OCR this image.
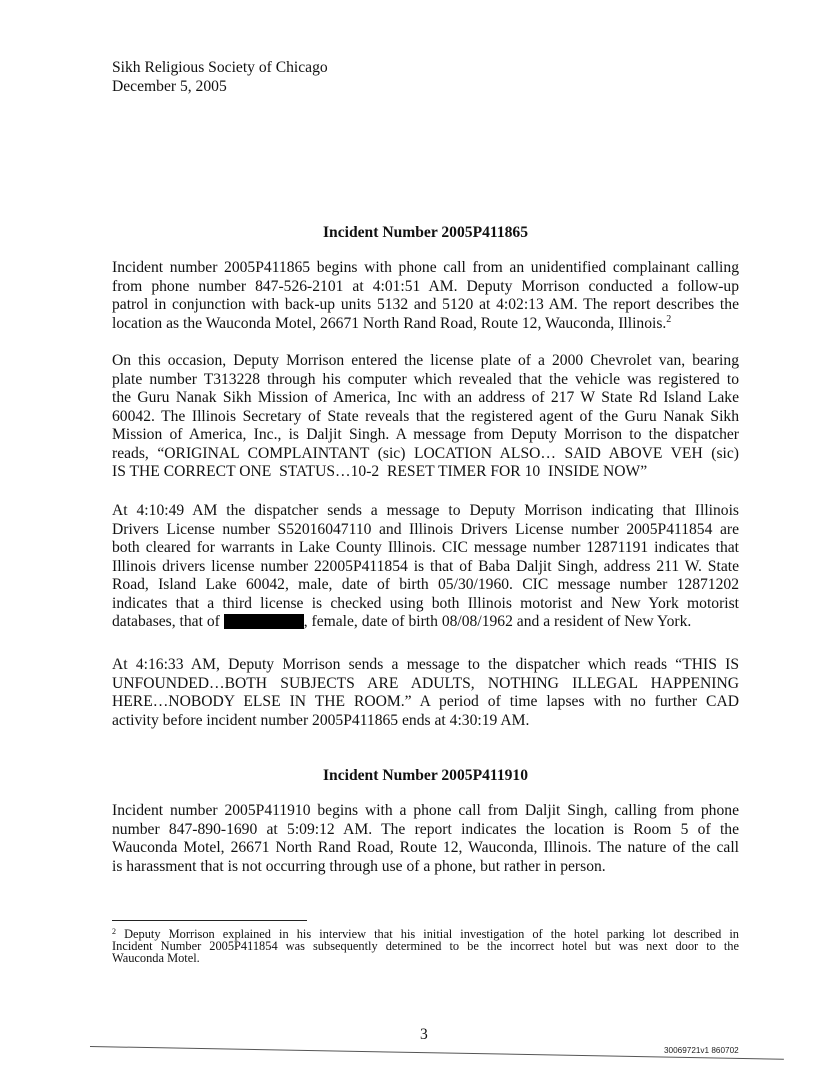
Sikh Religious Society of Chicago
December 5, 2005
Incident Number 2005P411865
Incident number 2005P411865 begins with phone call from an unidentified complainant calling
from phone number 847-526-2101 at 4:01:51 AM. Deputy Morrison conducted a follow-up
patrol in conjunction with back-up units 5132 and 5120 at 4:02:13 AM. The report describes the
location as the Wauconda Motel, 26671 North Rand Road, Route 12, Wauconda, Illinois.$^2$
On this occasion, Deputy Morrison entered the license plate of a 2000 Chevrolet van, bearing
plate number T313228 through his computer which revealed that the vehicle was registered to
the Guru Nanak Sikh Mission of America, Inc with an address of 217 W State Rd Island Lake
60042. The Illinois Secretary of State reveals that the registered agent of the Guru Nanak Sikh
Mission of America, Inc., is Daljit Singh. A message from Deputy Morrison to the dispatcher
reads, “ORIGINAL COMPLAINTANT (sic) LOCATION ALSO… SAID ABOVE VEH (sic)
IS THE CORRECT ONE  STATUS…10-2  RESET TIMER FOR 10  INSIDE NOW”
At 4:10:49 AM the dispatcher sends a message to Deputy Morrison indicating that Illinois
Drivers License number S52016047110 and Illinois Drivers License number 2005P411854 are
both cleared for warrants in Lake County Illinois. CIC message number 12871191 indicates that
Illinois drivers license number 22005P411854 is that of Baba Daljit Singh, address 211 W. State
Road, Island Lake 60042, male, date of birth 05/30/1960. CIC message number 12871202
indicates that a third license is checked using both Illinois motorist and New York motorist
databases, that of	, female, date of birth 08/08/1962 and a resident of New York.
At 4:16:33 AM, Deputy Morrison sends a message to the dispatcher which reads “THIS IS
UNFOUNDED…BOTH SUBJECTS ARE ADULTS, NOTHING ILLEGAL HAPPENING
HERE…NOBODY ELSE IN THE ROOM.” A period of time lapses with no further CAD
activity before incident number 2005P411865 ends at 4:30:19 AM.
Incident Number 2005P411910
Incident number 2005P411910 begins with a phone call from Daljit Singh, calling from phone
number 847-890-1690 at 5:09:12 AM. The report indicates the location is Room 5 of the
Wauconda Motel, 26671 North Rand Road, Route 12, Wauconda, Illinois. The nature of the call
is harassment that is not occurring through use of a phone, but rather in person.
$^2$ Deputy Morrison explained in his interview that his initial investigation of the hotel parking lot described in
Incident Number 2005P411854 was subsequently determined to be the incorrect hotel but was next door to the
Wauconda Motel.
3
30069721v1 860702
